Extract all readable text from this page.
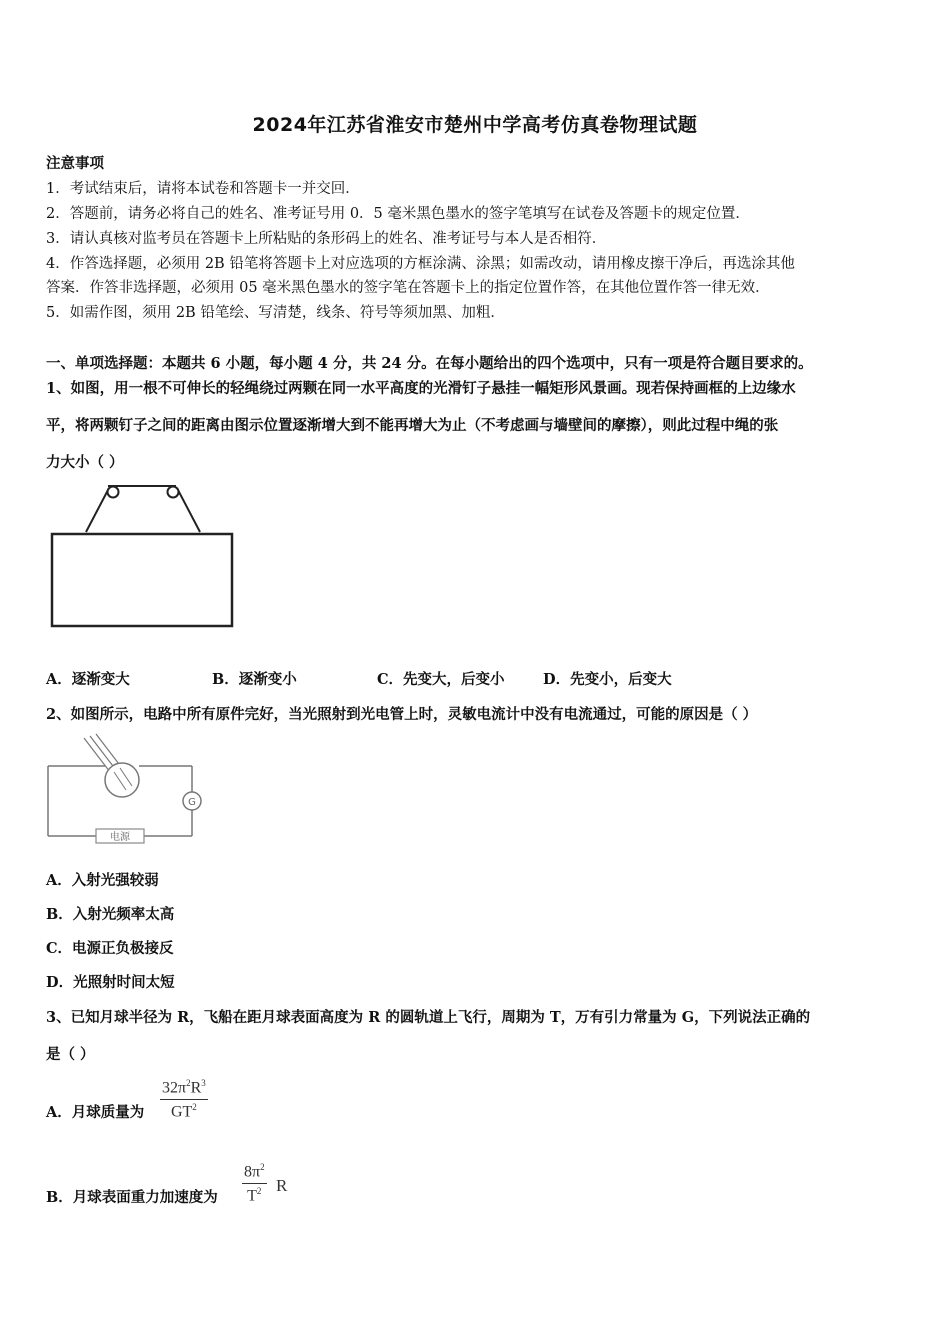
2024年江苏省淮安市楚州中学高考仿真卷物理试题
注意事项
1．考试结束后，请将本试卷和答题卡一并交回．
2．答题前，请务必将自己的姓名、准考证号用 0．5 毫米黑色墨水的签字笔填写在试卷及答题卡的规定位置．
3．请认真核对监考员在答题卡上所粘贴的条形码上的姓名、准考证号与本人是否相符．
4．作答选择题，必须用 2B 铅笔将答题卡上对应选项的方框涂满、涂黑；如需改动，请用橡皮擦干净后，再选涂其他
答案．作答非选择题，必须用 05 毫米黑色墨水的签字笔在答题卡上的指定位置作答，在其他位置作答一律无效．
5．如需作图，须用 2B 铅笔绘、写清楚，线条、符号等须加黑、加粗．
一、单项选择题：本题共 6 小题，每小题 4 分，共 24 分。在每小题给出的四个选项中，只有一项是符合题目要求的。
1、如图，用一根不可伸长的轻绳绕过两颗在同一水平高度的光滑钉子悬挂一幅矩形风景画。现若保持画框的上边缘水
平，将两颗钉子之间的距离由图示位置逐渐增大到不能再增大为止（不考虑画与墙壁间的摩擦），则此过程中绳的张
力大小（ ）
A．逐渐变大	B．逐渐变小	C．先变大，后变小	D．先变小，后变大
2、如图所示，电路中所有原件完好，当光照射到光电管上时，灵敏电流计中没有电流通过，可能的原因是（ ）
G
电源
A．入射光强较弱
B．入射光频率太高
C．电源正负极接反
D．光照射时间太短
3、已知月球半径为 R，飞船在距月球表面高度为 R 的圆轨道上飞行，周期为 T，万有引力常量为 G，下列说法正确的
是（ ）
A．月球质量为
$32\pi^2R^3$
$GT^2$
B．月球表面重力加速度为
$8\pi^2$
$T^2$ R
